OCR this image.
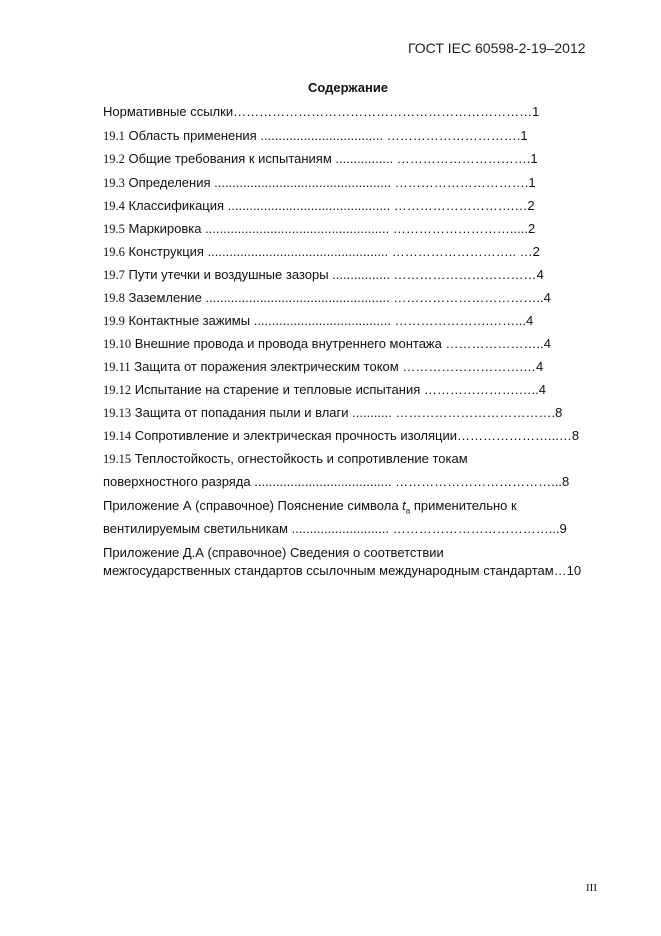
ГОСТ IEC 60598-2-19–2012
Содержание
Нормативные ссылки……………………………………………………………1
19.1 Область применения .................................. ………………………….1
19.2 Общие требования к испытаниям ................ ………………………….1
19.3 Определения ................................................. ………………………….1
19.4 Классификация ............................................. ……………………….…2
19.5 Маркировка ................................................... ……………………….....2
19.6 Конструкция .................................................. ……………………….. …2
19.7 Пути утечки и воздушные зазоры ................ ……………………………4
19.8 Заземление ................................................... ……………………………..4
19.9 Контактные зажимы ...................................... ………………….……...4
19.10 Внешние провода и провода внутреннего монтажа …………………..4
19.11 Защита от поражения электрическим током ……………………….…4
19.12 Испытание на старение и тепловые испытания ………………….…..4
19.13 Защита от попадания пыли и влаги ........... ……………………………….8
19.14 Сопротивление и электрическая прочность изоляции…………………...…8
19.15 Теплостойкость, огнестойкость и сопротивление токам
поверхностного разряда ...................................... ………………………………...8
Приложение А (справочное) Пояснение символа $t_a$ применительно к
вентилируемым светильникам ........................... ………………………………...9
Приложение Д.А (справочное) Сведения о соответствии
межгосударственных стандартов ссылочным международным стандартам…10
III
